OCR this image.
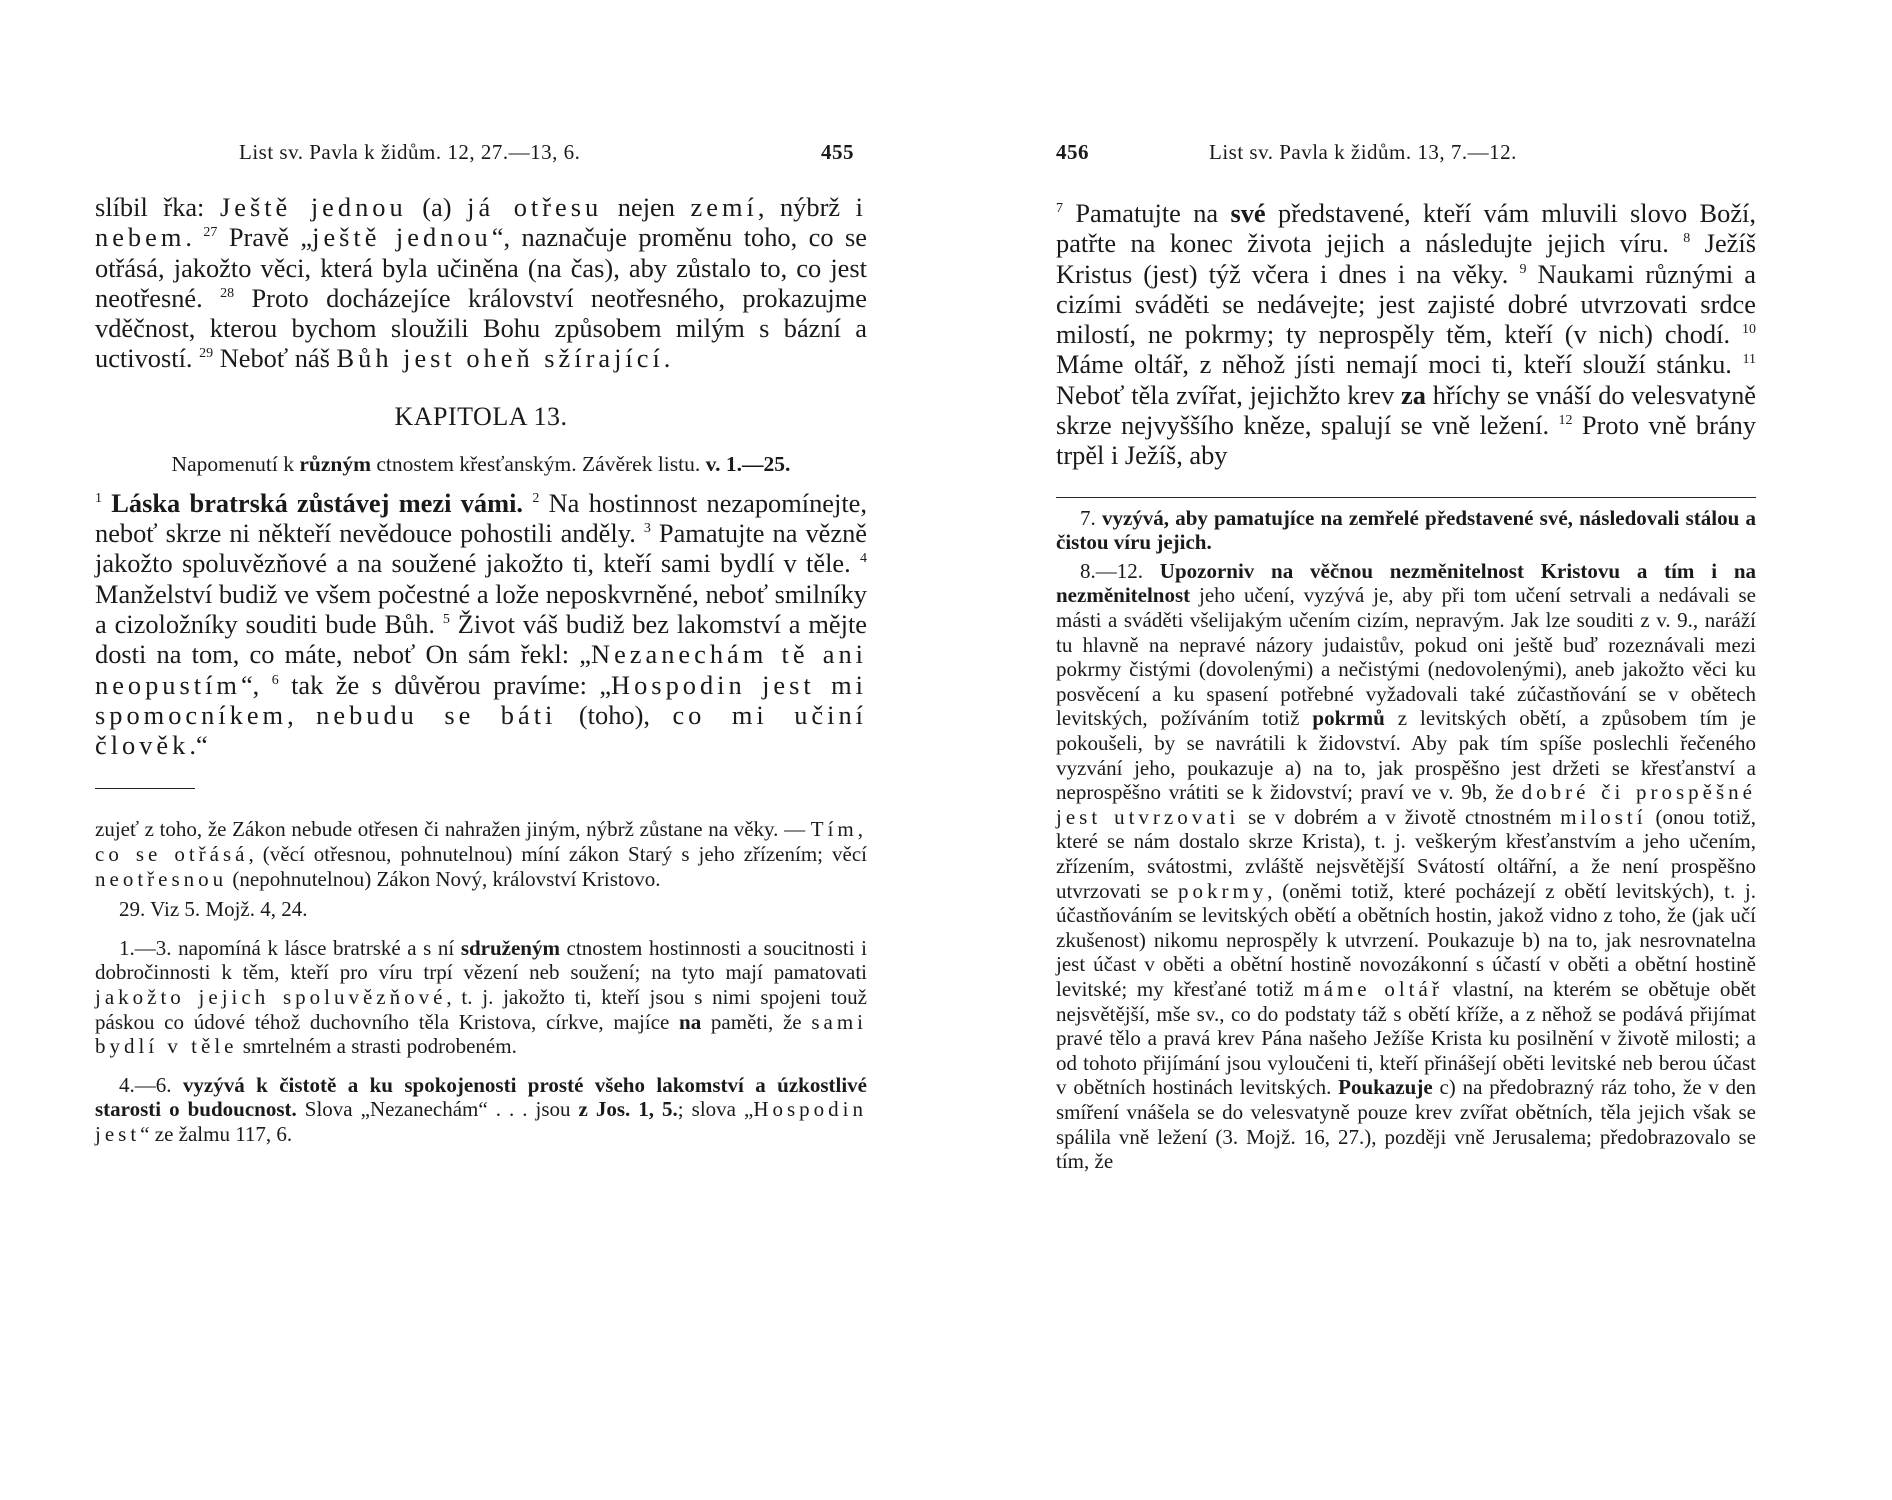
List sv. Pavla k židům. 12, 27.—13, 6.	455

slíbil řka: Ještě jednou (a) já otřesu nejen zemí, nýbrž i nebem. $^{27}$ Pravě „ještě jednou“, naznačuje proměnu toho, co se otřásá, jakožto věci, která byla učiněna (na čas), aby zůstalo to, co jest neotřesné. $^{28}$ Proto docházejíce království neotřesného, prokazujme vděčnost, kterou bychom sloužili Bohu způsobem milým s bázní a uctivostí. $^{29}$ Neboť náš Bůh jest oheň sžírající.

KAPITOLA 13.

Napomenutí k různým ctnostem křesťanským. Závěrek listu. v. 1.—25.

$^1$ Láska bratrská zůstávej mezi vámi. $^2$ Na hostinnost nezapomínejte, neboť skrze ni někteří nevědouce pohostili anděly. $^3$ Pamatujte na vězně jakožto spoluvězňové a na soužené jakožto ti, kteří sami bydlí v těle. $^4$ Manželství budiž ve všem počestné a lože neposkvrněné, neboť smilníky a cizoložníky souditi bude Bůh. $^5$ Život váš budiž bez lakomství a mějte dosti na tom, co máte, neboť On sám řekl: „Nezanechám tě ani neopustím“, $^6$ tak že s důvěrou pravíme: „Hospodin jest mi spomocníkem, nebudu se báti (toho), co mi učiní člověk.“

zujeť z toho, že Zákon nebude otřesen či nahražen jiným, nýbrž zůstane na věky. — Tím, co se otřásá, (věcí otřesnou, pohnutelnou) míní zákon Starý s jeho zřízením; věcí neotřesnou (nepohnutelnou) Zákon Nový, království Kristovo.

29. Viz 5. Mojž. 4, 24.

1.—3. napomíná k lásce bratrské a s ní sdruženým ctnostem hostinnosti a soucitnosti i dobročinnosti k těm, kteří pro víru trpí vězení neb soužení; na tyto mají pamatovati jakožto jejich spoluvězňové, t. j. jakožto ti, kteří jsou s nimi spojeni touž páskou co údové téhož duchovního těla Kristova, církve, majíce na paměti, že sami bydlí v těle smrtelném a strasti podrobeném.

4.—6. vyzývá k čistotě a ku spokojenosti prosté všeho lakomství a úzkostlivé starosti o budoucnost. Slova „Nezanechám“ . . . jsou z Jos. 1, 5.; slova „Hospodin jest“ ze žalmu 117, 6.

456	List sv. Pavla k židům. 13, 7.—12.

$^7$ Pamatujte na své představené, kteří vám mluvili slovo Boží, patřte na konec života jejich a následujte jejich víru. $^8$ Ježíš Kristus (jest) týž včera i dnes i na věky. $^9$ Naukami různými a cizími sváděti se nedávejte; jest zajisté dobré utvrzovati srdce milostí, ne pokrmy; ty neprospěly těm, kteří (v nich) chodí. $^{10}$ Máme oltář, z něhož jísti nemají moci ti, kteří slouží stánku. $^{11}$ Neboť těla zvířat, jejichžto krev za hříchy se vnáší do velesvatyně skrze nejvyššího kněze, spalují se vně ležení. $^{12}$ Proto vně brány trpěl i Ježíš, aby

7. vyzývá, aby pamatujíce na zemřelé představené své, následovali stálou a čistou víru jejich.

8.—12. Upozorniv na věčnou nezměnitelnost Kristovu a tím i na nezměnitelnost jeho učení, vyzývá je, aby při tom učení setrvali a nedávali se másti a sváděti všelijakým učením cizím, nepravým. Jak lze souditi z v. 9., naráží tu hlavně na nepravé názory judaistův, pokud oni ještě buď rozeznávali mezi pokrmy čistými (dovolenými) a nečistými (nedovolenými), aneb jakožto věci ku posvěcení a ku spasení potřebné vyžadovali také zúčastňování se v obětech levitských, požíváním totiž pokrmů z levitských obětí, a způsobem tím je pokoušeli, by se navrátili k židovství. Aby pak tím spíše poslechli řečeného vyzvání jeho, poukazuje a) na to, jak prospěšno jest držeti se křesťanství a neprospěšno vrátiti se k židovství; praví ve v. 9b, že dobré či prospěšné jest utvrzovati se v dobrém a v životě ctnostném milostí (onou totiž, které se nám dostalo skrze Krista), t. j. veškerým křesťanstvím a jeho učením, zřízením, svátostmi, zvláště nejsvětější Svátostí oltářní, a že není prospěšno utvrzovati se pokrmy, (oněmi totiž, které pocházejí z obětí levitských), t. j. účastňováním se levitských obětí a obětních hostin, jakož vidno z toho, že (jak učí zkušenost) nikomu neprospěly k utvrzení. Poukazuje b) na to, jak nesrovnatelna jest účast v oběti a obětní hostině novozákonní s účastí v oběti a obětní hostině levitské; my křesťané totiž máme oltář vlastní, na kterém se obětuje obět nejsvětější, mše sv., co do podstaty táž s obětí kříže, a z něhož se podává přijímat pravé tělo a pravá krev Pána našeho Ježíše Krista ku posilnění v životě milosti; a od tohoto přijímání jsou vyloučeni ti, kteří přinášejí oběti levitské neb berou účast v obětních hostinách levitských. Poukazuje c) na předobrazný ráz toho, že v den smíření vnášela se do velesvatyně pouze krev zvířat obětních, těla jejich však se spálila vně ležení (3. Mojž. 16, 27.), později vně Jerusalema; předobrazovalo se tím, že
